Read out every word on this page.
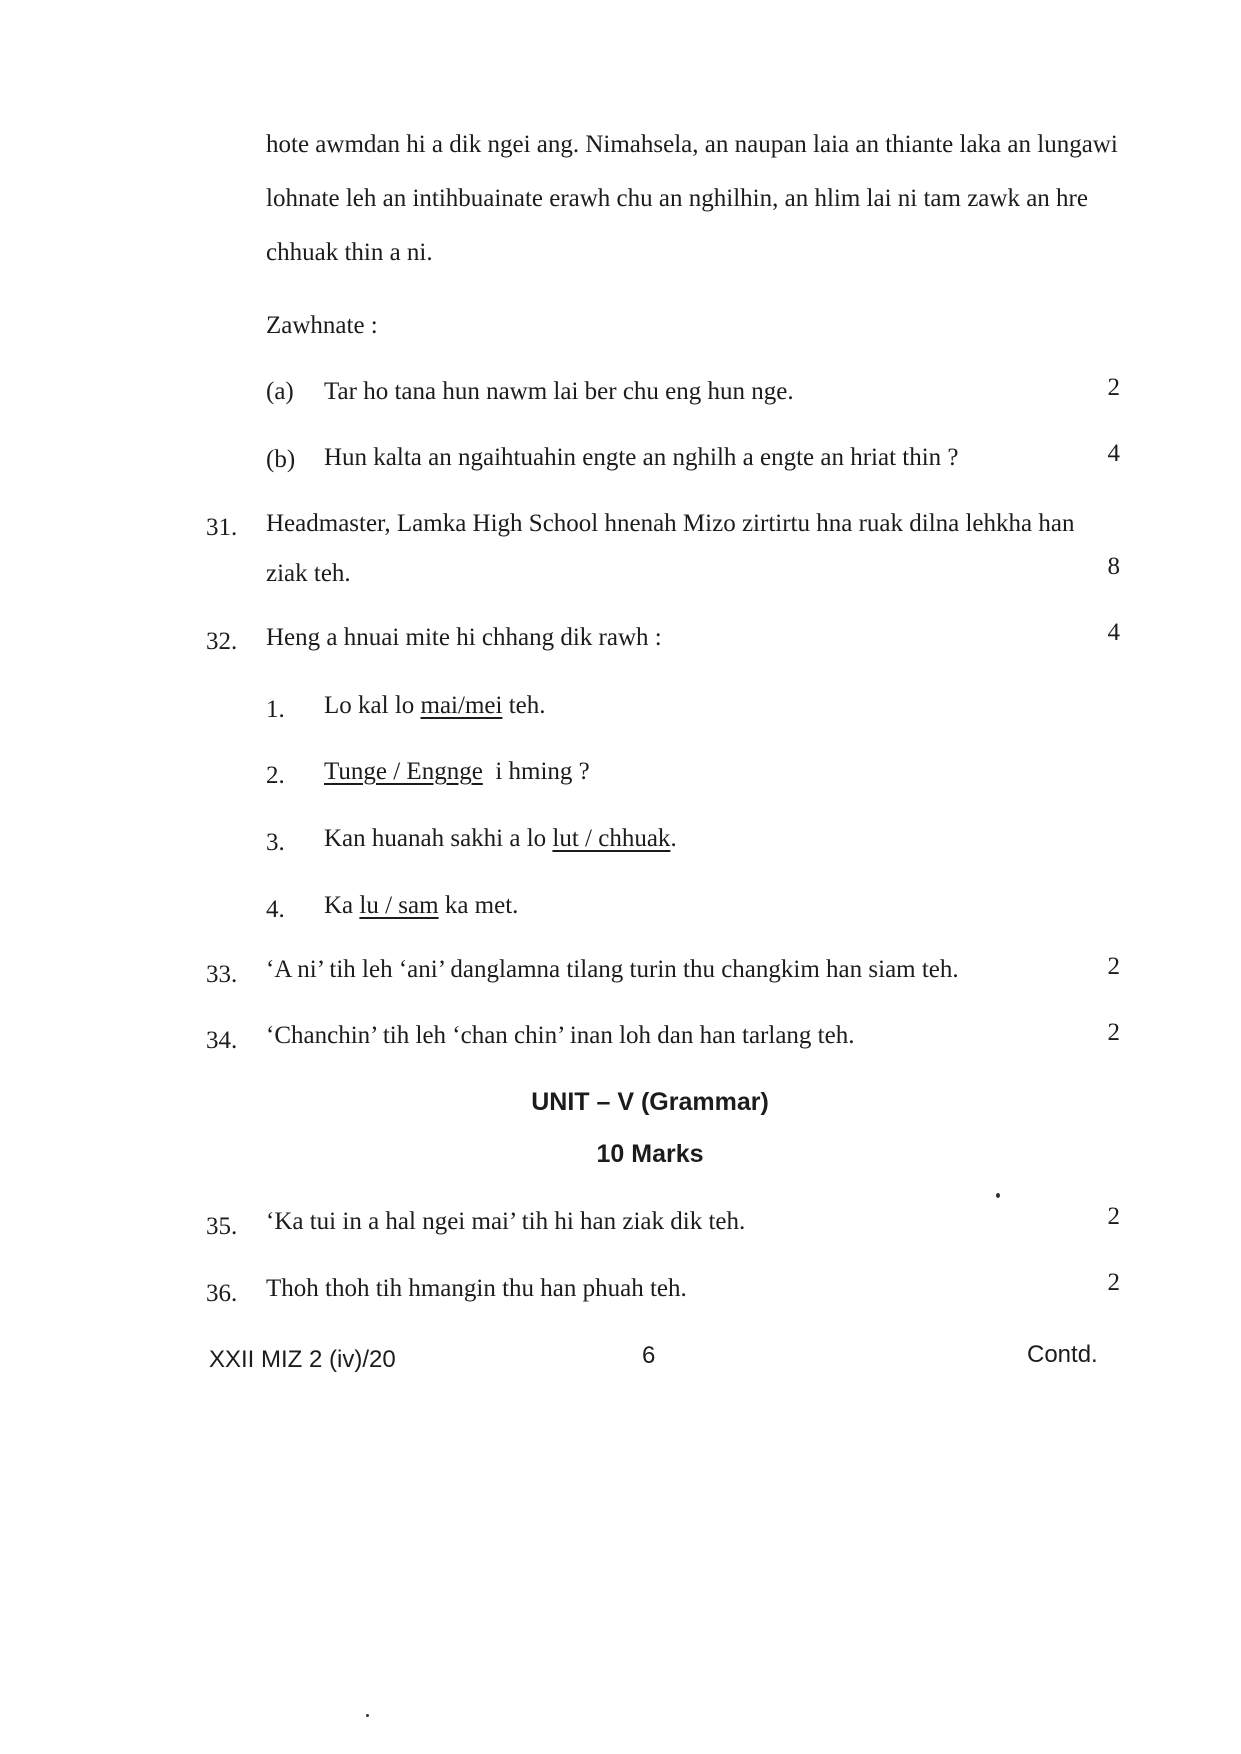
hote awmdan hi a dik ngei ang. Nimahsela, an naupan laia an thiante laka an lungawi
lohnate leh an intihbuainate erawh chu an nghilhin, an hlim lai ni tam zawk an hre
chhuak thin a ni.
Zawhnate :
(a) Tar ho tana hun nawm lai ber chu eng hun nge.	2
(b) Hun kalta an ngaihtuahin engte an nghilh a engte an hriat thin ?	4
31. Headmaster, Lamka High School hnenah Mizo zirtirtu hna ruak dilna lehkha han
ziak teh.	8
32. Heng a hnuai mite hi chhang dik rawh :	4
1. Lo kal lo mai/mei teh.
2. Tunge / Engnge  i hming ?
3. Kan huanah sakhi a lo lut / chhuak.
4. Ka lu / sam ka met.
33. ‘A ni’ tih leh ‘ani’ danglamna tilang turin thu changkim han siam teh.	2
34. ‘Chanchin’ tih leh ‘chan chin’ inan loh dan han tarlang teh.	2
UNIT – V (Grammar)
10 Marks
35. ‘Ka tui in a hal ngei mai’ tih hi han ziak dik teh.	2
36. Thoh thoh tih hmangin thu han phuah teh.	2
XXII MIZ 2 (iv)/20	6	Contd.
